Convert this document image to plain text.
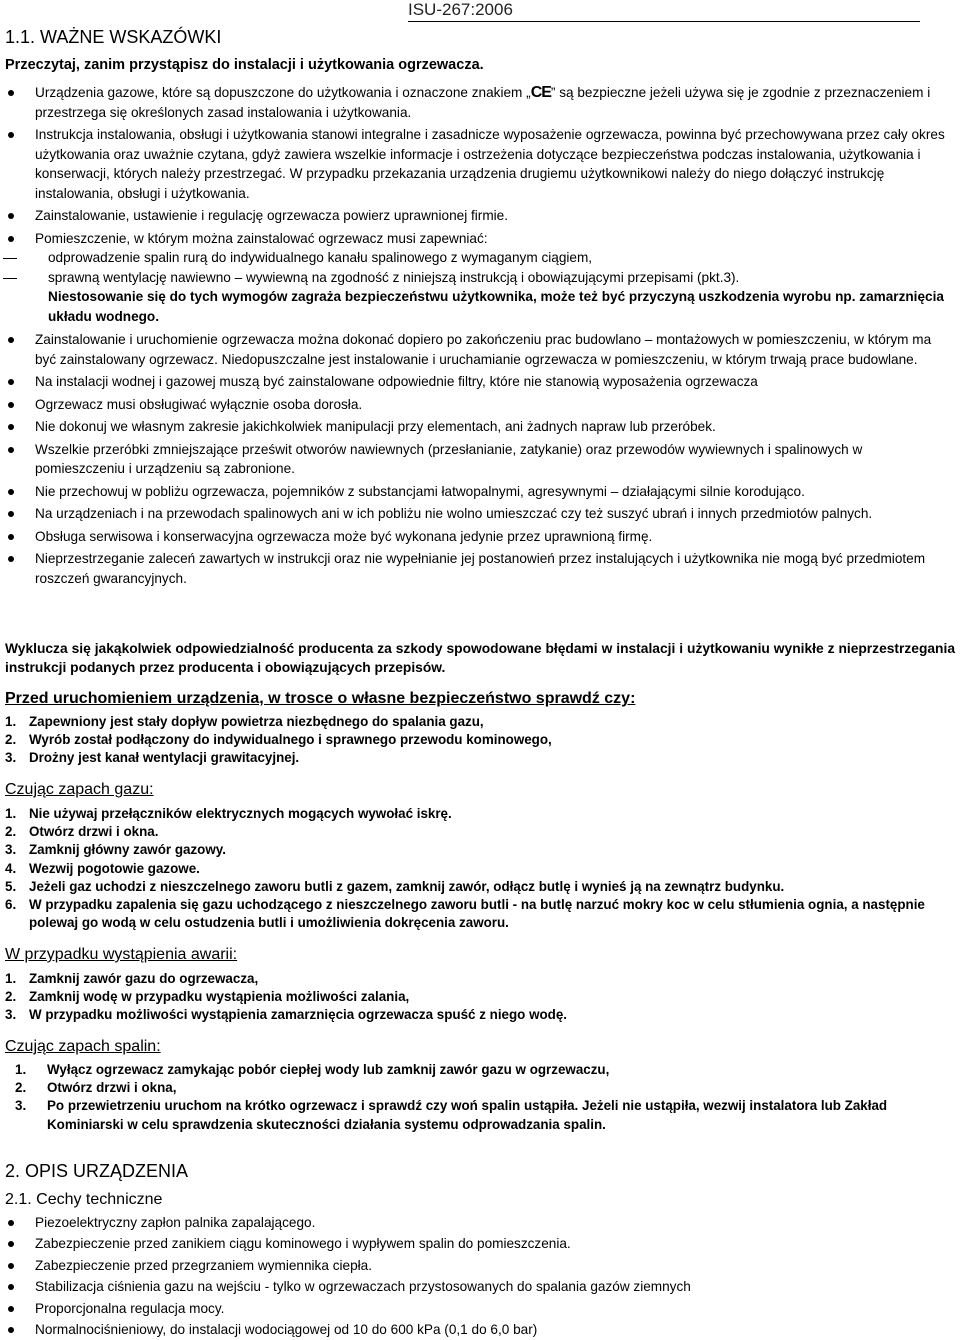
ISU-267:2006
1.1. WAŻNE WSKAZÓWKI
Przeczytaj, zanim przystąpisz do instalacji i użytkowania ogrzewacza.
Urządzenia gazowe, które są dopuszczone do użytkowania i oznaczone znakiem „CE” są bezpieczne jeżeli używa się je zgodnie z przeznaczeniem i przestrzega się określonych zasad instalowania i użytkowania.
Instrukcja instalowania, obsługi i użytkowania stanowi integralne i zasadnicze wyposażenie ogrzewacza, powinna być przechowywana przez cały okres użytkowania oraz uważnie czytana, gdyż zawiera wszelkie informacje i ostrzeżenia dotyczące bezpieczeństwa podczas instalowania, użytkowania i konserwacji, których należy przestrzegać. W przypadku przekazania urządzenia drugiemu użytkownikowi należy do niego dołączyć instrukcję instalowania, obsługi i użytkowania.
Zainstalowanie, ustawienie i regulację ogrzewacza powierz uprawnionej firmie.
Pomieszczenie, w którym można zainstalować ogrzewacz musi zapewniać:
odprowadzenie spalin rurą do indywidualnego kanału spalinowego z wymaganym ciągiem,
sprawną wentylację nawiewno – wywiewną na zgodność z niniejszą instrukcją i obowiązującymi przepisami (pkt.3).
Niestosowanie się do tych wymogów zagraża bezpieczeństwu użytkownika, może też być przyczyną uszkodzenia wyrobu np. zamarznięcia układu wodnego.
Zainstalowanie i uruchomienie ogrzewacza można dokonać dopiero po zakończeniu prac budowlano – montażowych w pomieszczeniu, w którym ma być zainstalowany ogrzewacz. Niedopuszczalne jest instalowanie i uruchamianie ogrzewacza w pomieszczeniu, w którym trwają prace budowlane.
Na instalacji wodnej i gazowej muszą być zainstalowane odpowiednie filtry, które nie stanowią wyposażenia ogrzewacza
Ogrzewacz musi obsługiwać wyłącznie osoba dorosła.
Nie dokonuj we własnym zakresie jakichkolwiek manipulacji przy elementach, ani żadnych napraw lub przeróbek.
Wszelkie przeróbki zmniejszające prześwit otworów nawiewnych (przesłanianie, zatykanie) oraz przewodów wywiewnych i spalinowych w pomieszczeniu i urządzeniu są zabronione.
Nie przechowuj w pobliżu ogrzewacza, pojemników z substancjami łatwopalnymi, agresywnymi – działającymi silnie korodująco.
Na urządzeniach i na przewodach spalinowych ani w ich pobliżu nie wolno umieszczać czy też suszyć ubrań i innych przedmiotów palnych.
Obsługa serwisowa i konserwacyjna ogrzewacza może być wykonana jedynie przez uprawnioną firmę.
Nieprzestrzeganie zaleceń zawartych w instrukcji oraz nie wypełnianie jej postanowień przez instalujących i użytkownika nie mogą być przedmiotem roszczeń gwarancyjnych.
Wyklucza się jakąkolwiek odpowiedzialność producenta za szkody spowodowane błędami w instalacji i użytkowaniu wynikłe z nieprzestrzegania instrukcji podanych przez producenta i obowiązujących przepisów.
Przed uruchomieniem urządzenia, w trosce o własne bezpieczeństwo sprawdź czy:
1. Zapewniony jest stały dopływ powietrza niezbędnego do spalania gazu,
2. Wyrób został podłączony do indywidualnego i sprawnego przewodu kominowego,
3. Drożny jest kanał wentylacji grawitacyjnej.
Czując zapach gazu:
1. Nie używaj przełączników elektrycznych mogących wywołać iskrę.
2. Otwórz drzwi i okna.
3. Zamknij główny zawór gazowy.
4. Wezwij pogotowie gazowe.
5. Jeżeli gaz uchodzi z nieszczelnego zaworu butli z gazem, zamknij zawór, odłącz butlę i wynieś ją na zewnątrz budynku.
6. W przypadku zapalenia się gazu uchodzącego z nieszczelnego zaworu butli - na butlę narzuć mokry koc w celu stłumienia ognia, a następnie polewaj go wodą w celu ostudzenia butli i umożliwienia dokręcenia zaworu.
W przypadku wystąpienia awarii:
1. Zamknij zawór gazu do ogrzewacza,
2. Zamknij wodę w przypadku wystąpienia możliwości zalania,
3. W przypadku możliwości wystąpienia zamarznięcia ogrzewacza spuść z niego wodę.
Czując zapach spalin:
1. Wyłącz ogrzewacz zamykając pobór ciepłej wody lub zamknij zawór gazu w ogrzewaczu,
2. Otwórz drzwi i okna,
3. Po przewietrzeniu uruchom na krótko ogrzewacz i sprawdź czy woń spalin ustąpiła. Jeżeli nie ustąpiła, wezwij instalatora lub Zakład Kominiarski w celu sprawdzenia skuteczności działania systemu odprowadzania spalin.
2. OPIS URZĄDZENIA
2.1. Cechy techniczne
Piezoelektryczny zapłon palnika zapalającego.
Zabezpieczenie przed zanikiem ciągu kominowego i wypływem spalin do pomieszczenia.
Zabezpieczenie przed przegrzaniem wymiennika ciepła.
Stabilizacja ciśnienia gazu na wejściu - tylko w ogrzewaczach przystosowanych do spalania gazów ziemnych
Proporcjonalna regulacja mocy.
Normalnociśnieniowy, do instalacji wodociągowej od 10 do 600 kPa (0,1 do 6,0 bar)
